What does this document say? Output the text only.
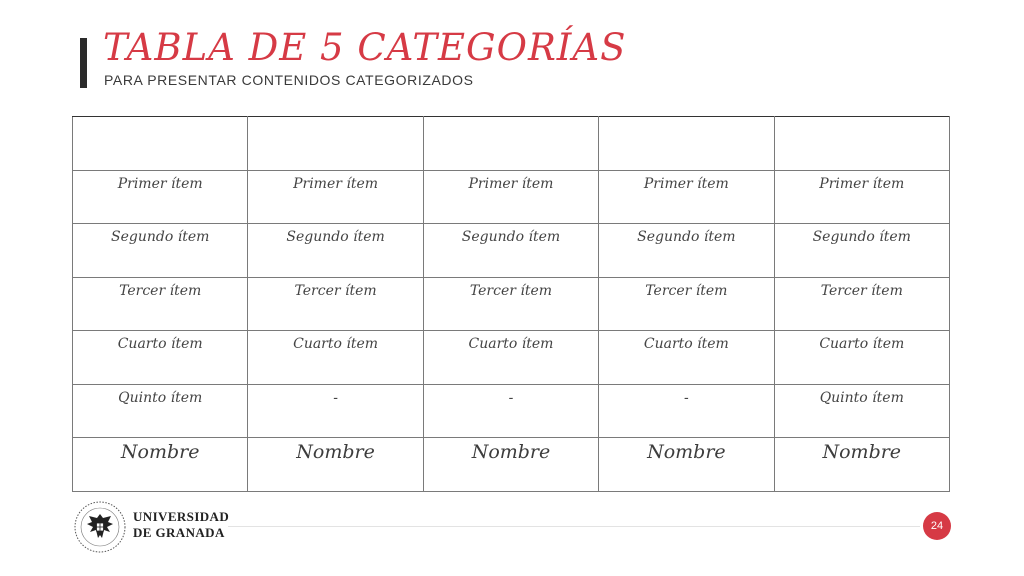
TABLA DE 5 CATEGORÍAS
PARA PRESENTAR CONTENIDOS CATEGORIZADOS

Primer ítem	Primer ítem	Primer ítem	Primer ítem	Primer ítem

Segundo ítem	Segundo ítem	Segundo ítem	Segundo ítem	Segundo ítem

Tercer ítem	Tercer ítem	Tercer ítem	Tercer ítem	Tercer ítem

Cuarto ítem	Cuarto ítem	Cuarto ítem	Cuarto ítem	Cuarto ítem

Quinto ítem	-	-	-	Quinto ítem

Nombre	Nombre	Nombre	Nombre	Nombre
UNIVERSIDAD
DE GRANADA	24
